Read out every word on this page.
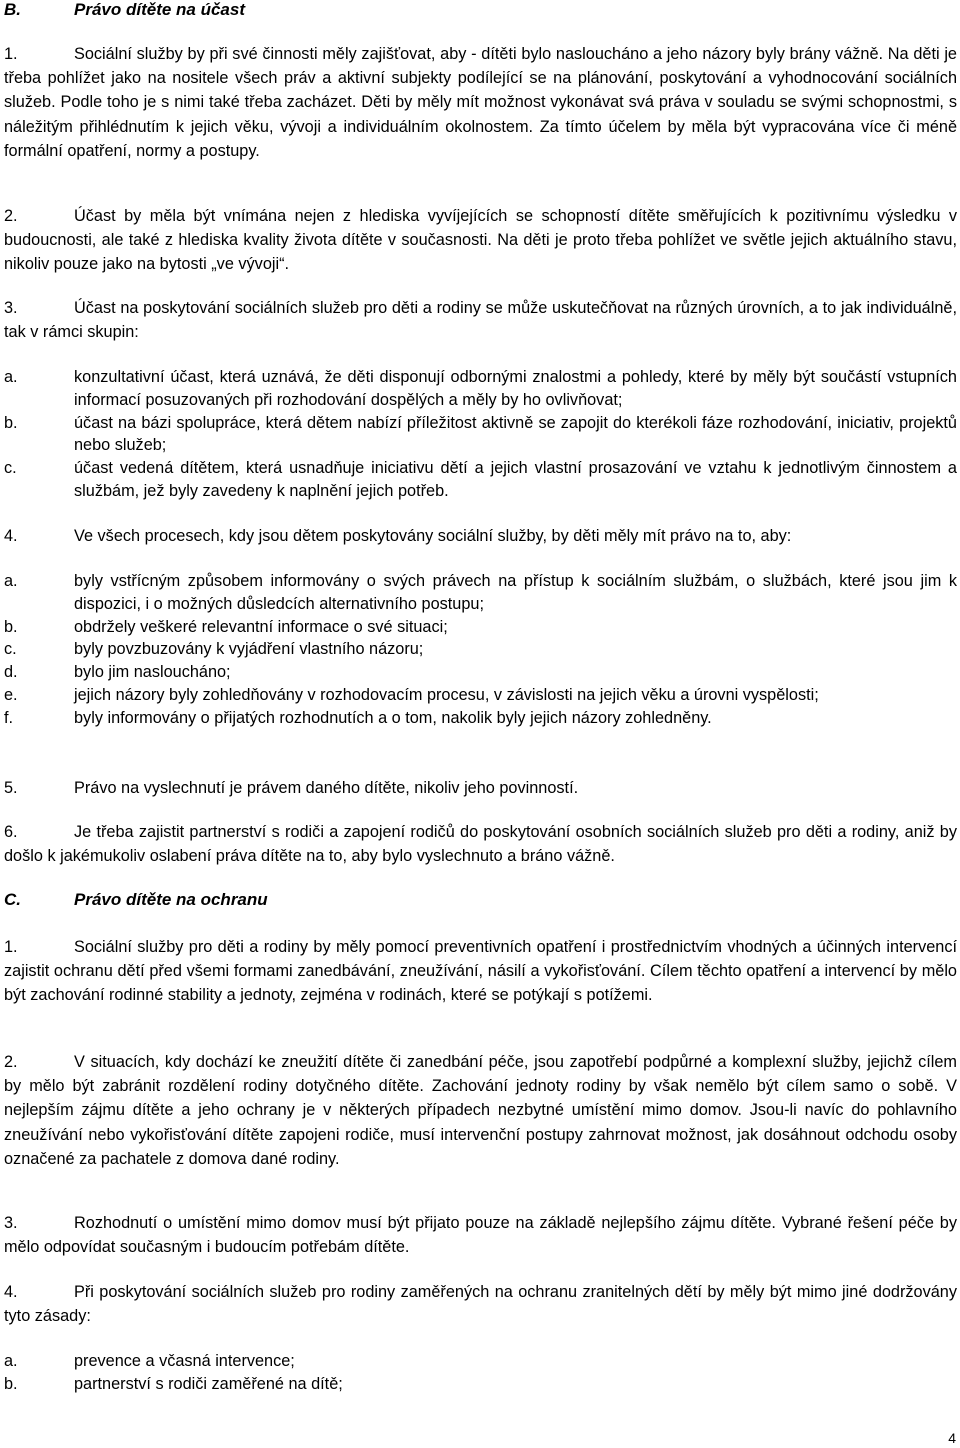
B.	Právo dítěte na účast
1.	Sociální služby by při své činnosti měly zajišťovat, aby - dítěti bylo nasloucháno a jeho názory byly brány vážně. Na děti je třeba pohlížet jako na nositele všech práv a aktivní subjekty podílející se na plánování, poskytování a vyhodnocování sociálních služeb. Podle toho je s nimi také třeba zacházet. Děti by měly mít možnost vykonávat svá práva v souladu se svými schopnostmi, s náležitým přihlédnutím k jejich věku, vývoji a individuálním okolnostem. Za tímto účelem by měla být vypracována více či méně formální opatření, normy a postupy.
2.	Účast by měla být vnímána nejen z hlediska vyvíjejících se schopností dítěte směřujících k pozitivnímu výsledku v budoucnosti, ale také z hlediska kvality života dítěte v současnosti. Na děti je proto třeba pohlížet ve světle jejich aktuálního stavu, nikoliv pouze jako na bytosti „ve vývoji“.
3.	Účast na poskytování sociálních služeb pro děti a rodiny se může uskutečňovat na různých úrovních, a to jak individuálně, tak v rámci skupin:
a.	konzultativní účast, která uznává, že děti disponují odbornými znalostmi a pohledy, které by měly být součástí vstupních informací posuzovaných při rozhodování dospělých a měly by ho ovlivňovat;
b.	účast na bázi spolupráce, která dětem nabízí příležitost aktivně se zapojit do kterékoli fáze rozhodování, iniciativ, projektů nebo služeb;
c.	účast vedená dítětem, která usnadňuje iniciativu dětí a jejich vlastní prosazování ve vztahu k jednotlivým činnostem a službám, jež byly zavedeny k naplnění jejich potřeb.
4.	Ve všech procesech, kdy jsou dětem poskytovány sociální služby, by děti měly mít právo na to, aby:
a.	byly vstřícným způsobem informovány o svých právech na přístup k sociálním službám, o službách, které jsou jim k dispozici, i o možných důsledcích alternativního postupu;
b.	obdržely veškeré relevantní informace o své situaci;
c.	byly povzbuzovány k vyjádření vlastního názoru;
d.	bylo jim nasloucháno;
e.	jejich názory byly zohledňovány v rozhodovacím procesu, v závislosti na jejich věku a úrovni vyspělosti;
f.	byly informovány o přijatých rozhodnutích a o tom, nakolik byly jejich názory zohledněny.
5.	Právo na vyslechnutí je právem daného dítěte, nikoliv jeho povinností.
6.	Je třeba zajistit partnerství s rodiči a zapojení rodičů do poskytování osobních sociálních služeb pro děti a rodiny, aniž by došlo k jakémukoliv oslabení práva dítěte na to, aby bylo vyslechnuto a bráno vážně.
C.	Právo dítěte na ochranu
1.	Sociální služby pro děti a rodiny by měly pomocí preventivních opatření i prostřednictvím vhodných a účinných intervencí zajistit ochranu dětí před všemi formami zanedbávání, zneužívání, násilí a vykořisťování. Cílem těchto opatření a intervencí by mělo být zachování rodinné stability a jednoty, zejména v rodinách, které se potýkají s potížemi.
2.	V situacích, kdy dochází ke zneužití dítěte či zanedbání péče, jsou zapotřebí podpůrné a komplexní služby, jejichž cílem by mělo být zabránit rozdělení rodiny dotyčného dítěte. Zachování jednoty rodiny by však nemělo být cílem samo o sobě. V nejlepším zájmu dítěte a jeho ochrany je v některých případech nezbytné umístění mimo domov. Jsou-li navíc do pohlavního zneužívání nebo vykořisťování dítěte zapojeni rodiče, musí intervenční postupy zahrnovat možnost, jak dosáhnout odchodu osoby označené za pachatele z domova dané rodiny.
3.	Rozhodnutí o umístění mimo domov musí být přijato pouze na základě nejlepšího zájmu dítěte. Vybrané řešení péče by mělo odpovídat současným i budoucím potřebám dítěte.
4.	Při poskytování sociálních služeb pro rodiny zaměřených na ochranu zranitelných dětí by měly být mimo jiné dodržovány tyto zásady:
a.	prevence a včasná intervence;
b.	partnerství s rodiči zaměřené na dítě;
4
